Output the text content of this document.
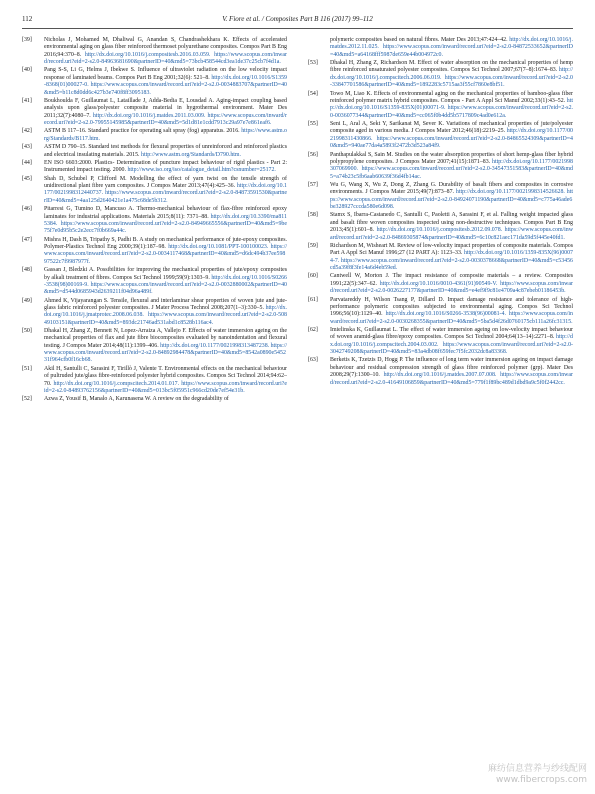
112	V. Fiore et al. / Composites Part B 116 (2017) 99–112
[39] Nicholas J, Mohamed M, Dhaliwal G, Anandan S, Chandrashekhara K. Effects of accelerated environmental aging on glass fiber reinforced thermoset polyurethane composites. Compos Part B Eng 2016;94:370–8. http://dx.doi.org/10.1016/j.compositesb.2016.03.059. https://www.scopus.com/inward/record.uri?eid=2-s2.0-84963681690&partnerID=40&md5=73bcb458544cd3ea1de37c25cb7f4d1a.
[40] Pang S-S, Li G, Helms J, Ibekwe S. Influence of ultraviolet radiation on the low velocity impact response of laminated beams. Compos Part B Eng 2001;32(6): 521–8. http://dx.doi.org/10.1016/S1359-8368(01)00027-0. https://www.scopus.com/inward/record.uri?eid=2-s2.0-0034883707&partnerID=40&md5=b11c8d0dd6c427b3e740f8ff3095183.
[41] Boukhoulda F, Guillaumat L, Lataillade J, Adda-Bedia E, Lousdad A. Aging-impact coupling based analysis upon glass/polyester composite material in hygrothermal environment. Mater Des 2011;32(7):4080–7. http://dx.doi.org/10.1016/j.matdes.2011.03.009. https://www.scopus.com/inward/record.uri?eid=2-s2.0-79955145985&partnerID=40&md5=5d1d81e1cdd7913c29a97e7e861eaf6.
[42] ASTM B 117–16. Standard practice for operating salt spray (fog) apparatus. 2016. https://www.astm.org/Standards/B117.htm.
[43] ASTM D 790–15. Standard test methods for flexural properties of unreinforced and reinforced plastics and electrical insulating materials. 2015. http://www.astm.org/Standards/D790.htm.
[44] EN ISO 6603:2000. Plastics- Determination of puncture impact behaviour of rigid plastics - Part 2: Instrumented impact testing. 2000. http://www.iso.org/iso/catalogue_detail.htm?csnumber=25172.
[45] Shah D, Schubel P, Clifford M. Modelling the effect of yarn twist on the tensile strength of unidirectional plant fibre yarn composites. J Compos Mater 2013;47(4):425–36. http://dx.doi.org/10.1177/0021998312440737. https://www.scopus.com/inward/record.uri?eid=2-s2.0-84873591530&partnerID=40&md5=4aa125d2640421e1a475c68de5b312.
[46] Pitarresi G, Tumino D, Mancuso A. Thermo-mechanical behaviour of flax-fibre reinforced epoxy laminates for industrial applications. Materials 2015;8(11): 7371–88. http://dx.doi.org/10.3390/ma8115384. https://www.scopus.com/inward/record.uri?eid=2-s2.0-84949665556&partnerID=40&md5=9be75f7e0d95b5c2e2ecc7f0b669a44c.
[47] Mishra H, Dash B, Tripathy S, Padhi B. A study on mechanical performance of jute-epoxy composites. Polymer-Plastics Technol Eng 2000;39(1):187–98. http://dx.doi.org/10.1081/PPT-100100023. https://www.scopus.com/inward/record.uri?eid=2-s2.0-0034117468&partnerID=40&md5=d6dc494b37ee59897522c7f9987977f.
[48] Gassan J, Bledzki A. Possibilities for improving the mechanical properties of jute/epoxy composites by alkali treatment of fibres. Compos Sci Technol 1999;59(9):1303–9. http://dx.doi.org/10.1016/S0266-3538(98)00169-9. https://www.scopus.com/inward/record.uri?eid=2-s2.0-0032880002&partnerID=40&md5=d544d0685943d2639211f04d96a489f.
[49] Ahmed K, Vijayarangan S. Tensile, flexural and interlaminar shear properties of woven jute and jute-glass fabric reinforced polyester composites. J Mater Process Technol 2008;207(1–3):330–5. http://dx.doi.org/10.1016/j.jmatprotec.2008.06.038. https://www.scopus.com/inward/record.uri?eid=2-s2.0-50849103151&partnerID=40&md5=893dc21746ad531abd1c8528b116ac4.
[50] Dhakal H, Zhang Z, Bennett N, Lopez-Arraiza A, Vallejo F. Effects of water immersion ageing on the mechanical properties of flax and jute fibre biocomposites evaluated by nanoindentation and flexural testing. J Compos Mater 2014;48(11):1399–406. http://dx.doi.org/10.1177/0021998313487238. https://www.scopus.com/inward/record.uri?eid=2-s2.0-84892984478&partnerID=40&md5=8542a0890e545231f964cfb0f16cb68.
[51] Akil H, Santulli C, Sarasini F, Tirillò J, Valente T. Environmental effects on the mechanical behaviour of pultruded jute/glass fibre-reinforced polyester hybrid composites. Compos Sci Technol 2014;94:62–70. http://dx.doi.org/10.1016/j.compscitech.2014.01.017. https://www.scopus.com/inward/record.uri?eid=2-s2.0-84893762156&partnerID=40&md5=013bc5f05951c966cd20de7ef54e31b.
[52] Azwa Z, Yousif B, Manalo A, Karunasena W. A review on the degradability of
polymeric composites based on natural fibres. Mater Des 2013;47:424–42. http://dx.doi.org/10.1016/j.matdes.2012.11.025. https://www.scopus.com/inward/record.uri?eid=2-s2.0-84872533652&partnerID=40&md5=a64168fff5987de659e44b004972c0.
[53] Dhakal H, Zhang Z, Richardson M. Effect of water absorption on the mechanical properties of hemp fibre reinforced unsaturated polyester composites. Compos Sci Technol 2007;67(7–8):1674–83. http://dx.doi.org/10.1016/j.compscitech.2006.06.019. https://www.scopus.com/inward/record.uri?eid=2-s2.0-33847701586&partnerID=40&md5=1892283c5715aa3f55cf7860e8bf51.
[54] Towo M, Liao K. Effects of environmental aging on the mechanical properties of bamboo-glass fiber reinforced polymer matrix hybrid composites. Compos - Part A Appl Sci Manuf 2002;33(1):43–52. http://dx.doi.org/10.1016/S1359-835X(01)00071-9. https://www.scopus.com/inward/record.uri?eid=2-s2.0-0036077344&partnerID=40&md5=cc065f0b4dd5b5717809c4ad0e612a.
[55] Seni L, Aral A, Sekt Y, Sarikanat M, Sever K. Variations of mechanical properties of jute/polyester composite aged in various media. J Compos Mater 2012;46(18):2219–25. http://dx.doi.org/10.1177/0021998311430866. https://www.scopus.com/inward/record.uri?eid=2-s2.0-84865524309&partnerID=40&md5=940ae77da4a5893f2472b3d523a84f9.
[56] Panthapulakkal S, Sain M. Studies on the water absorption properties of short hemp-glass fiber hybrid polypropylene composites. J Compos Mater 2007;41(15):1871–83. http://dx.doi.org/10.1177/0021998307069900. https://www.scopus.com/inward/record.uri?eid=2-s2.0-34547351583&partnerID=40&md5=a74b23c5fb6aab60639f36d4fb14ac.
[57] Wu G, Wang X, Wu Z, Dong Z, Zhang G. Durability of basalt fibers and composites in corrosive environments. J Compos Mater 2015;49(7):873–87. http://dx.doi.org/10.1177/0021998314526628. https://www.scopus.com/inward/record.uri?eid=2-s2.0-84924071190&partnerID=40&md5=c775a46ade6be328927cccda580e6d098.
[58] Stamx S, Ibarra-Castanedo C, Santulli C, Paoletti A, Sarasini F, et al. Falling weight impacted glass and basalt fibre woven composites inspected using non-destructive techniques. Compos Part B Eng 2013;45(1):601–8. http://dx.doi.org/10.1016/j.compositesb.2012.09.078. https://www.scopus.com/inward/record.uri?eid=2-s2.0-84869305874&partnerID=40&md5=6c10c821aec171da59d5f445e40fd1.
[59] Richardson M, Wisheart M. Review of low-velocity impact properties of composite materials. Compos Part A Appl Sci Manuf 1996;27 (12 PART A): 1123–33. http://dx.doi.org/10.1016/1359-835X(96)00074-7. https://www.scopus.com/inward/record.uri?eid=2-s2.0-0030378668&partnerID=40&md5=c53456cd5a39f8f3fe14a6d4eb59ed.
[60] Cantwell W, Morton J. The impact resistance of composite materials – a review. Composites 1991;22(5):347–62. http://dx.doi.org/10.1016/0010-4361(91)90549-V. https://www.scopus.com/inward/record.uri?eid=2-s2.0-0026227177&partnerID=40&md5=e4ef9f9c81e4709a4c87ebeb01186453b.
[61] Parvatareddy H, Wilson Tsang P, Dillard D. Impact damage resistance and tolerance of high-performance polymeric composites subjected to environmental aging. Compos Sci Technol 1996;56(10):1129–40. http://dx.doi.org/10.1016/S0266-3538(96)00081-4. https://www.scopus.com/inward/record.uri?eid=2-s2.0-0030268355&partnerID=40&md5=5ba5d4f26d0760175cb111a26fc31315.
[62] Imielinska K, Guillaumat L. The effect of water immersion ageing on low-velocity impact behaviour of woven aramid-glass fibre/epoxy composites. Compos Sci Technol 2004;64(13–14):2271–8. http://dx.doi.org/10.1016/j.compscitech.2004.03.002. https://www.scopus.com/inward/record.uri?eid=2-s2.0-3042749208&partnerID=40&md5=83a4db08f659fec7f5fc2032dc8a83368.
[63] Berketis K, Tzetzis D, Hogg P. The influence of long term water immersion ageing on impact damage behaviour and residual compression strength of glass fibre reinforced polymer (grp). Mater Des 2008;29(7):1300–10. http://dx.doi.org/10.1016/j.matdes.2007.07.008. https://www.scopus.com/inward/record.uri?eid=2-s2.0-41649106859&partnerID=40&md5=779f1f89bc489d1dbd9a9c5f0f2442cc.
麻纺信息营养与纱线配网
www.fibercrops.com
